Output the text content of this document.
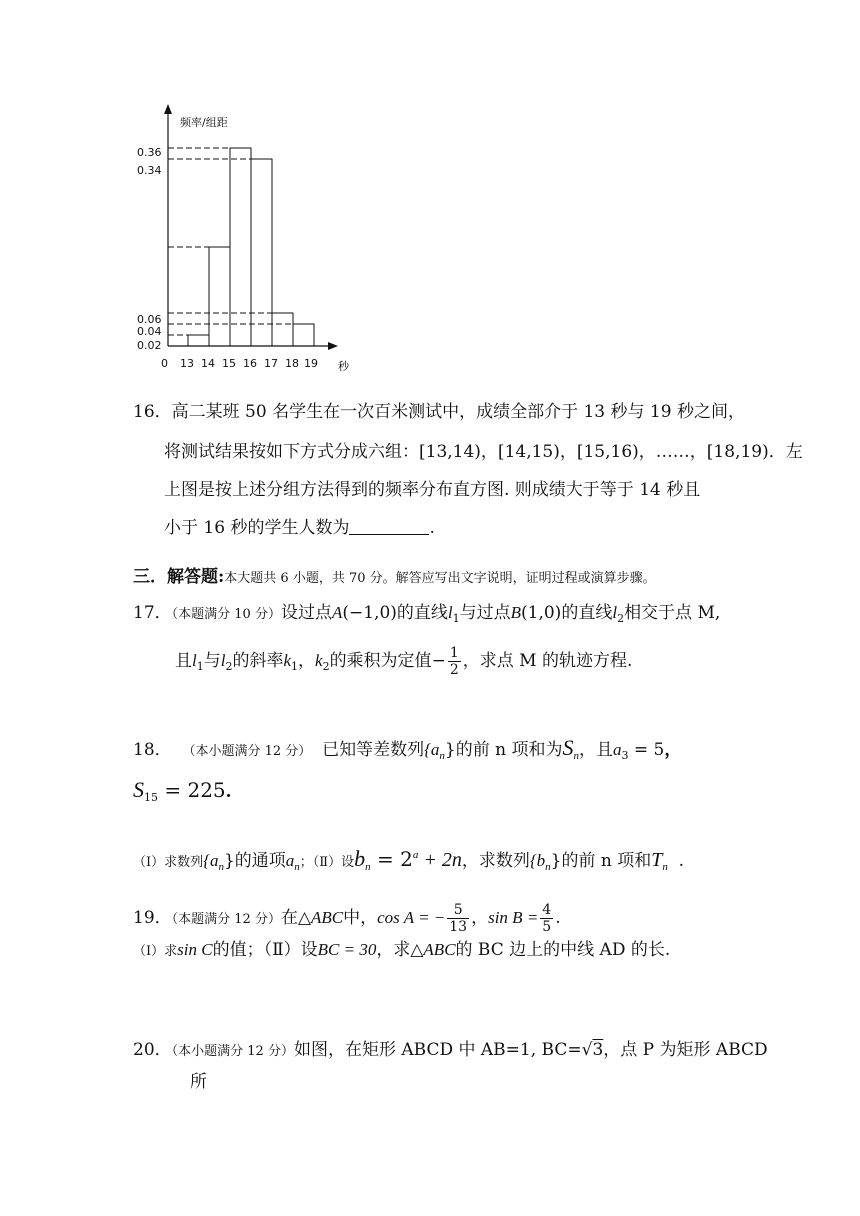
频率/组距
0.36
0.34
0.06
0.04
0.02
0 13 14 15 16 17 18 19 秒
16．高二某班 50 名学生在一次百米测试中，成绩全部介于 13 秒与 19 秒之间，
将测试结果按如下方式分成六组：[13,14)，[14,15)，[15,16)，……，[18,19)．左
上图是按上述分组方法得到的频率分布直方图. 则成绩大于等于 14 秒且
小于 16 秒的学生人数为	.
三．解答题:本大题共 6 小题，共 70 分。解答应写出文字说明，证明过程或演算步骤。
17．（本题满分 10 分）设过点A(−1,0)的直线$l_1$与过点B(1,0)的直线$l_2$相交于点 M,
且$l_1$与$l_2$的斜率$k_1$，$k_2$的乘积为定值− $\frac{1}{2}$ ，求点 M 的轨迹方程.
18． （本小题满分 12 分） 已知等差数列$\{a_n\}$的前 n 项和为$S_n$，且$a_3 = 5$，
$S_{15} = 225$.
（Ⅰ）求数列$\{a_n\}$的通项$a_n$；（Ⅱ）设$b_n = 2^a + 2n$，求数列$\{b_n\}$的前 n 项和$T_n$ .
19．（本题满分 12 分）在△ABC中，cos A = − $\frac{5}{13}$ ，$\sin B = \frac{4}{5}$ .
（Ⅰ）求sin C的值；（Ⅱ）设BC = 30，求△ABC的 BC 边上的中线 AD 的长.
20．（本小题满分 12 分）如图，在矩形 ABCD 中 AB=1, BC=√3，点 P 为矩形 ABCD
所
